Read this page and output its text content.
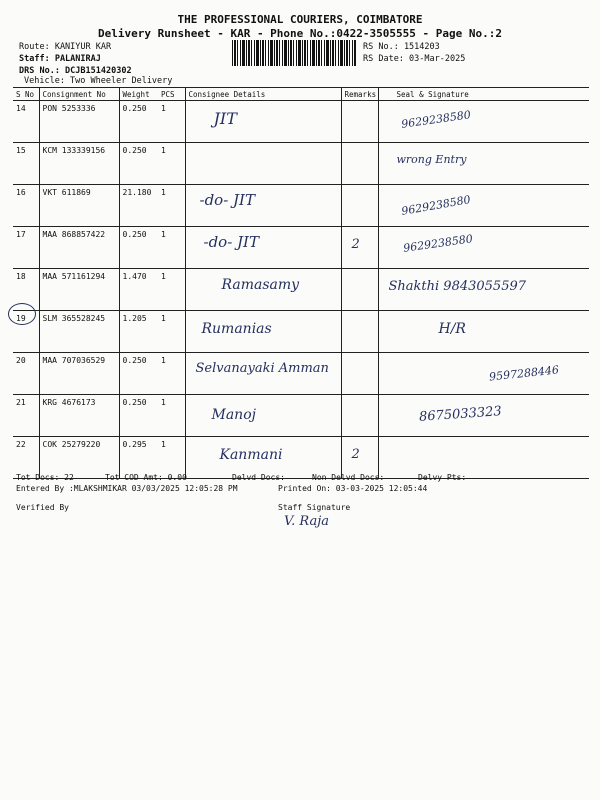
THE PROFESSIONAL COURIERS, COIMBATORE
Delivery Runsheet - KAR - Phone No.:0422-3505555 - Page No.:2
Route: KANIYUR KAR
Staff: PALANIRAJ
DRS No.: DCJB151420302
Vehicle: Two Wheeler Delivery
RS No.: 1514203
RS Date: 03-Mar-2025
S No	Consignment No	Weight	PCS	Consignee Details	Remarks	Seal & Signature
14	PON 5253336	0.250	1	JIT		9629238580

15	KCM 133339156	0.250	1			wrong Entry

16	VKT 611869	21.180	1	-do- JIT		9629238580

17	MAA 868857422	0.250	1	-do- JIT	2	9629238580

18	MAA 571161294	1.470	1	Ramasamy		Shakthi 9843055597

19	SLM 365528245	1.205	1	Rumanias		H/R

20	MAA 707036529	0.250	1	Selvanayaki Amman		9597288446

21	KRG 4676173	0.250	1	Manoj		8675033323

22	COK 25279220	0.295	1	Kanmani	2	

Tot Docs: 22	Tot COD Amt: 0.00	Delvd Docs:	Non Delvd Docs:	Delvy Pts:
Entered By :MLAKSHMIKAR 03/03/2025 12:05:28 PM	Printed On: 03-03-2025 12:05:44
Verified By	Staff Signature
V. Raja
